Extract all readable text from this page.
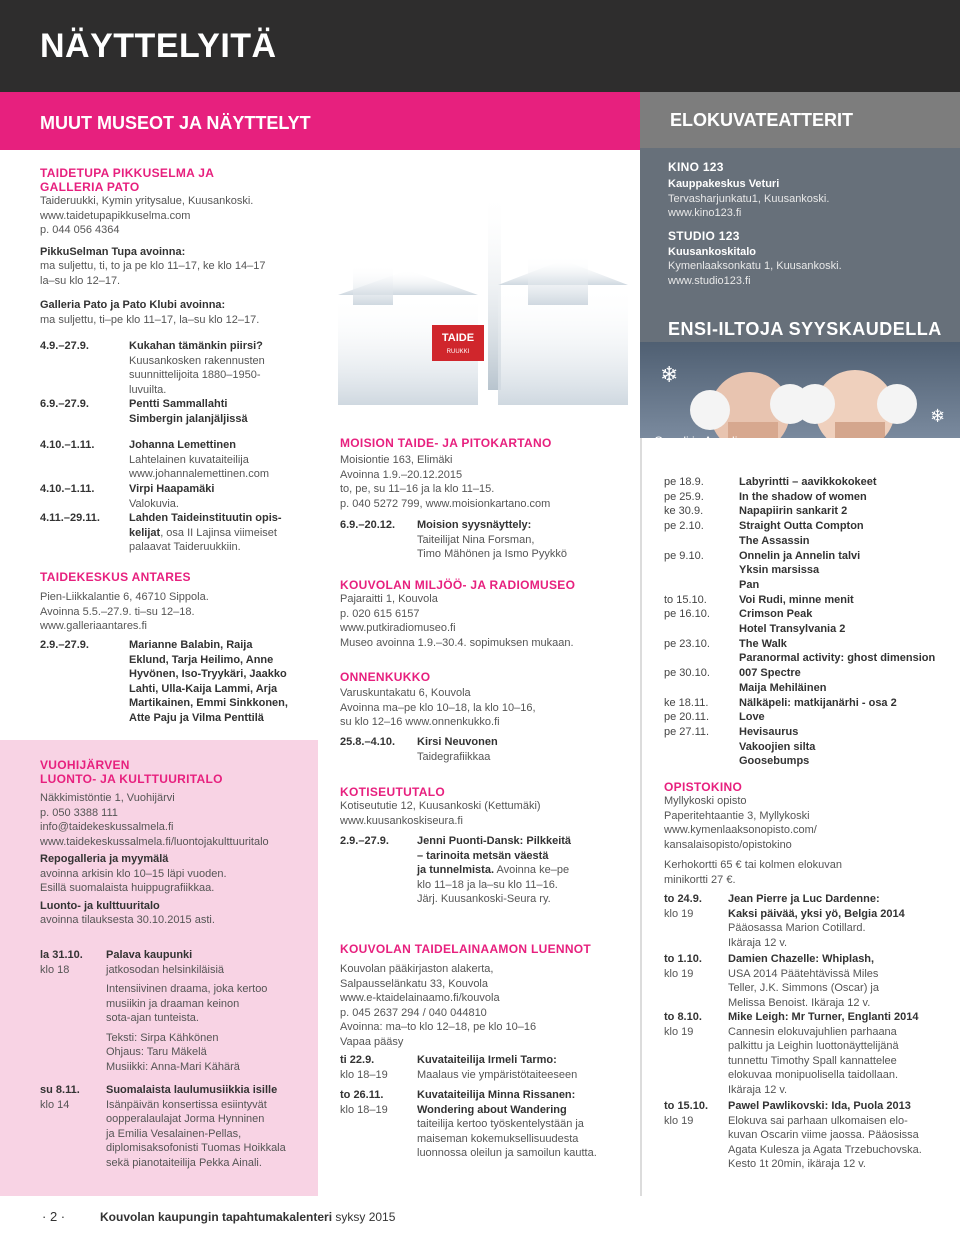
NÄYTTELYITÄ
MUUT MUSEOT JA NÄYTTELYT	ELOKUVATEATTERIT
TAIDE
RUUKKI
TAIDETUPA PIKKUSELMA JA
GALLERIA PATO
Taideruukki, Kymin yritysalue, Kuusankoski.
www.taidetupapikkuselma.com
p. 044 056 4364
PikkuSelman Tupa avoinna:
ma suljettu, ti, to ja pe klo 11–17, ke klo 14–17
la–su klo 12–17.
Galleria Pato ja Pato Klubi avoinna:
ma suljettu, ti–pe klo 11–17, la–su klo 12–17.
4.9.–27.9.	Kukahan tämänkin piirsi?
Kuusankosken rakennusten
suunnittelijoita 1880–1950-
luvuilta.
6.9.–27.9.	Pentti Sammallahti
Simbergin jalanjäljissä
4.10.–1.11.	Johanna Lemettinen
Lahtelainen kuvataiteilija
www.johannalemettinen.com
4.10.–1.11.	Virpi Haapamäki
Valokuvia.
4.11.–29.11.	Lahden Taideinstituutin opis-
kelijat, osa II Lajinsa viimeiset
palaavat Taideruukkiin.
TAIDEKESKUS ANTARES
Pien-Liikkalantie 6, 46710 Sippola.
Avoinna 5.5.–27.9. ti–su 12–18.
www.galleriaantares.fi
2.9.–27.9.	Marianne Balabin, Raija
Eklund, Tarja Heilimo, Anne
Hyvönen, Iso-Tryykäri, Jaakko
Lahti, Ulla-Kaija Lammi, Arja
Martikainen, Emmi Sinkkonen,
Atte Paju ja Vilma Penttilä
VUOHIJÄRVEN
LUONTO- JA KULTTUURITALO
Näkkimistöntie 1, Vuohijärvi
p. 050 3388 111
info@taidekeskussalmela.fi
www.taidekeskussalmela.fi/luontojakulttuuritalo
Repogalleria ja myymälä
avoinna arkisin klo 10–15 läpi vuoden.
Esillä suomalaista huippugrafiikkaa.
Luonto- ja kulttuuritalo
avoinna tilauksesta 30.10.2015 asti.
la 31.10.
klo 18
Palava kaupunki
jatkosodan helsinkiläisiä
Intensiivinen draama, joka kertoo
musiikin ja draaman keinon
sota-ajan tunteista.
Teksti: Sirpa Kähkönen
Ohjaus: Taru Mäkelä
Musiikki: Anna-Mari Kähärä
su 8.11.
klo 14
Suomalaista laulumusiikkia isille
Isänpäivän konsertissa esiintyvät
oopperalaulajat Jorma Hynninen
ja Emilia Vesalainen-Pellas,
diplomisaksofonisti Tuomas Hoikkala
sekä pianotaiteilija Pekka Ainali.
MOISION TAIDE- JA PITOKARTANO
Moisiontie 163, Elimäki
Avoinna 1.9.–20.12.2015
to, pe, su 11–16 ja la klo 11–15.
p. 040 5272 799, www.moisionkartano.com
6.9.–20.12. Moision syysnäyttely:
Taiteilijat Nina Forsman,
Timo Mähönen ja Ismo Pyykkö
KOUVOLAN MILJÖÖ- JA RADIOMUSEO
Pajaraitti 1, Kouvola
p. 020 615 6157
www.putkiradiomuseo.fi
Museo avoinna 1.9.–30.4. sopimuksen mukaan.
ONNENKUKKO
Varuskuntakatu 6, Kouvola
Avoinna ma–pe klo 10–18, la klo 10–16,
su klo 12–16 www.onnenkukko.fi
25.8.–4.10. Kirsi Neuvonen
Taidegrafiikkaa
KOTISEUTUTALO
Kotiseututie 12, Kuusankoski (Kettumäki)
www.kuusankoskiseura.fi
2.9.–27.9.	Jenni Puonti-Dansk: Pilkkeitä
– tarinoita metsän väestä
ja tunnelmista. Avoinna ke–pe
klo 11–18 ja la–su klo 11–16.
Järj. Kuusankoski-Seura ry.
KOUVOLAN TAIDELAINAAMON LUENNOT
Kouvolan pääkirjaston alakerta,
Salpausselänkatu 33, Kouvola
www.e-ktaidelainaamo.fi/kouvola
p. 045 2637 294 / 040 044810
Avoinna: ma–to klo 12–18, pe klo 10–16
Vapaa pääsy
ti 22.9.
klo 18–19
Kuvataiteilija Irmeli Tarmo:
Maalaus vie ympäristötaiteeseen
to 26.11.
klo 18–19
Kuvataiteilija Minna Rissanen:
Wondering about Wandering
taiteilija kertoo työskentelystään ja
maiseman kokemuksellisuudesta
luonnossa oleilun ja samoilun kautta.
❄
❄
Onneli ja Anneli
ENSI-ILTOJA SYYSKAUDELLA
KINO 123
Kauppakeskus Veturi
Tervasharjunkatu1, Kuusankoski.
www.kino123.fi
STUDIO 123
Kuusankoskitalo
Kymenlaaksonkatu 1, Kuusankoski.
www.studio123.fi
pe 18.9.	Labyrintti – aavikkokokeet
pe 25.9.	In the shadow of women
ke 30.9.	Napapiirin sankarit 2
pe 2.10.	Straight Outta Compton
The Assassin
pe 9.10.	Onnelin ja Annelin talvi
Yksin marsissa
Pan
to 15.10.	Voi Rudi, minne menit
pe 16.10.	Crimson Peak
Hotel Transylvania 2
pe 23.10.	The Walk
Paranormal activity: ghost dimension
pe 30.10.	007 Spectre
Maija Mehiläinen
ke 18.11.	Nälkäpeli: matkijanärhi - osa 2
pe 20.11.	Love
pe 27.11.	Hevisaurus
Vakoojien silta
Goosebumps
OPISTOKINO
Myllykoski opisto
Paperitehtaantie 3, Myllykoski
www.kymenlaaksonopisto.com/
kansalaisopisto/opistokino
Kerhokortti 65 € tai kolmen elokuvan
minikortti 27 €.
to 24.9.
klo 19
Jean Pierre ja Luc Dardenne:
Kaksi päivää, yksi yö, Belgia 2014
Pääosassa Marion Cotillard.
Ikäraja 12 v.
to 1.10.
klo 19
Damien Chazelle: Whiplash,
USA 2014 Päätehtävissä Miles
Teller, J.K. Simmons (Oscar) ja
Melissa Benoist. Ikäraja 12 v.
to 8.10.
klo 19
Mike Leigh: Mr Turner, Englanti 2014
Cannesin elokuvajuhlien parhaana
palkittu ja Leighin luottonäyttelijänä
tunnettu Timothy Spall kannattelee
elokuvaa monipuolisella taidollaan.
Ikäraja 12 v.
to 15.10.
klo 19
Pawel Pawlikovski: Ida, Puola 2013
Elokuva sai parhaan ulkomaisen elo-
kuvan Oscarin viime jaossa. Pääosissa
Agata Kulesza ja Agata Trzebuchovska.
Kesto 1t 20min, ikäraja 12 v.
· 2 ·	Kouvolan kaupungin tapahtumakalenteri syksy 2015
